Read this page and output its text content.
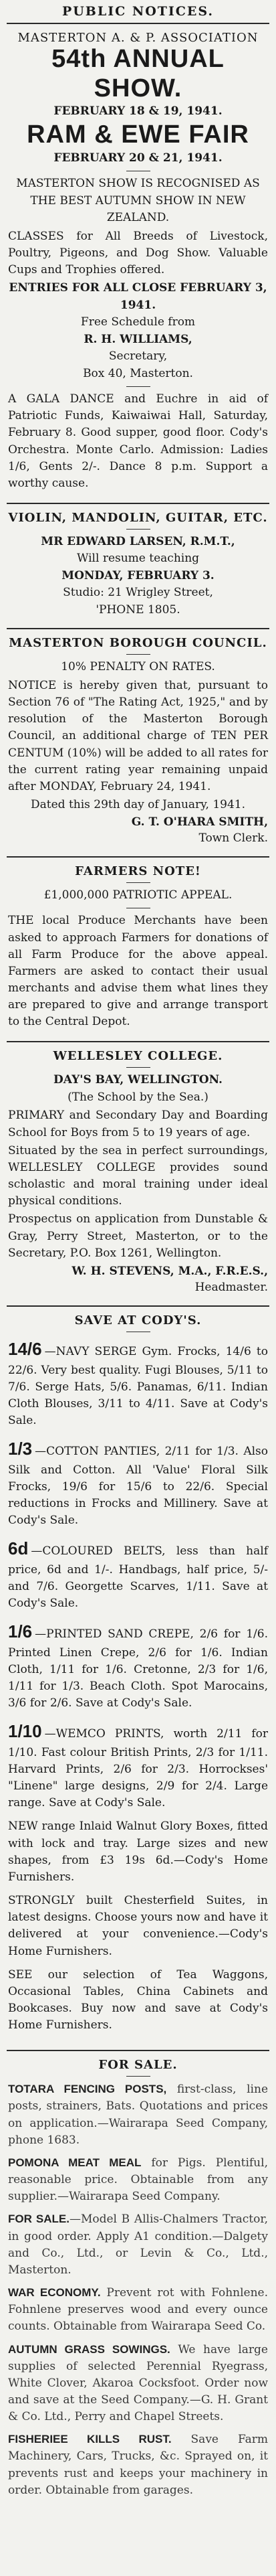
PUBLIC NOTICES.
MASTERTON A. & P. ASSOCIATION
54th ANNUAL SHOW.
FEBRUARY 18 & 19, 1941.
RAM & EWE FAIR
FEBRUARY 20 & 21, 1941.
MASTERTON SHOW IS RECOGNISED AS THE BEST AUTUMN SHOW IN NEW ZEALAND.
CLASSES for All Breeds of Livestock, Poultry, Pigeons, and Dog Show. Valuable Cups and Trophies offered.
ENTRIES FOR ALL CLOSE FEBRUARY 3, 1941.
Free Schedule from
R. H. WILLIAMS,
Secretary,
Box 40, Masterton.
A GALA DANCE and Euchre in aid of Patriotic Funds, Kaiwaiwai Hall, Saturday, February 8. Good supper, good floor. Cody's Orchestra. Monte Carlo. Admission: Ladies 1/6, Gents 2/-. Dance 8 p.m. Support a worthy cause.
VIOLIN, MANDOLIN, GUITAR, ETC.
MR EDWARD LARSEN, R.M.T.,
Will resume teaching
MONDAY, FEBRUARY 3.
Studio: 21 Wrigley Street,
'PHONE 1805.
MASTERTON BOROUGH COUNCIL.
10% PENALTY ON RATES.
NOTICE is hereby given that, pursuant to Section 76 of "The Rating Act, 1925," and by resolution of the Masterton Borough Council, an additional charge of TEN PER CENTUM (10%) will be added to all rates for the current rating year remaining unpaid after MONDAY, February 24, 1941.
Dated this 29th day of January, 1941.
G. T. O'HARA SMITH,
Town Clerk.
FARMERS NOTE!
£1,000,000 PATRIOTIC APPEAL.
THE local Produce Merchants have been asked to approach Farmers for donations of all Farm Produce for the above appeal. Farmers are asked to contact their usual merchants and advise them what lines they are prepared to give and arrange transport to the Central Depot.
WELLESLEY COLLEGE.
DAY'S BAY, WELLINGTON.
(The School by the Sea.)
PRIMARY and Secondary Day and Boarding School for Boys from 5 to 19 years of age.
Situated by the sea in perfect surroundings, WELLESLEY COLLEGE provides sound scholastic and moral training under ideal physical conditions.
Prospectus on application from Dunstable & Gray, Perry Street, Masterton, or to the Secretary, P.O. Box 1261, Wellington.
W. H. STEVENS, M.A., F.R.E.S.,
Headmaster.
SAVE AT CODY'S.
14/6 —NAVY SERGE Gym. Frocks, 14/6 to 22/6. Very best quality. Fugi Blouses, 5/11 to 7/6. Serge Hats, 5/6. Panamas, 6/11. Indian Cloth Blouses, 3/11 to 4/11. Save at Cody's Sale.
1/3 —COTTON PANTIES, 2/11 for 1/3. Also Silk and Cotton. All 'Value' Floral Silk Frocks, 19/6 for 15/6 to 22/6. Special reductions in Frocks and Millinery. Save at Cody's Sale.
6d —COLOURED BELTS, less than half price, 6d and 1/-. Handbags, half price, 5/- and 7/6. Georgette Scarves, 1/11. Save at Cody's Sale.
1/6 —PRINTED SAND CREPE, 2/6 for 1/6. Printed Linen Crepe, 2/6 for 1/6. Indian Cloth, 1/11 for 1/6. Cretonne, 2/3 for 1/6, 1/11 for 1/3. Beach Cloth. Spot Marocains, 3/6 for 2/6. Save at Cody's Sale.
1/10 —WEMCO PRINTS, worth 2/11 for 1/10. Fast colour British Prints, 2/3 for 1/11. Harvard Prints, 2/6 for 2/3. Horrockses' "Linene" large designs, 2/9 for 2/4. Large range. Save at Cody's Sale.
NEW range Inlaid Walnut Glory Boxes, fitted with lock and tray. Large sizes and new shapes, from £3 19s 6d.—Cody's Home Furnishers.
STRONGLY built Chesterfield Suites, in latest designs. Choose yours now and have it delivered at your convenience.—Cody's Home Furnishers.
SEE our selection of Tea Waggons, Occasional Tables, China Cabinets and Bookcases. Buy now and save at Cody's Home Furnishers.
FOR SALE.
TOTARA FENCING POSTS, first-class, line posts, strainers, Bats. Quotations and prices on application.—Wairarapa Seed Company, phone 1683.
POMONA MEAT MEAL for Pigs. Plentiful, reasonable price. Obtainable from any supplier.—Wairarapa Seed Company.
FOR SALE.—Model B Allis-Chalmers Tractor, in good order. Apply A1 condition.—Dalgety and Co., Ltd., or Levin & Co., Ltd., Masterton.
WAR ECONOMY. Prevent rot with Fohnlene. Fohnlene preserves wood and every ounce counts. Obtainable from Wairarapa Seed Co.
AUTUMN GRASS SOWINGS. We have large supplies of selected Perennial Ryegrass, White Clover, Akaroa Cocksfoot. Order now and save at the Seed Company.—G. H. Grant & Co. Ltd., Perry and Chapel Streets.
FISHERIEE KILLS RUST. Save Farm Machinery, Cars, Trucks, &c. Sprayed on, it prevents rust and keeps your machinery in order. Obtainable from garages.
